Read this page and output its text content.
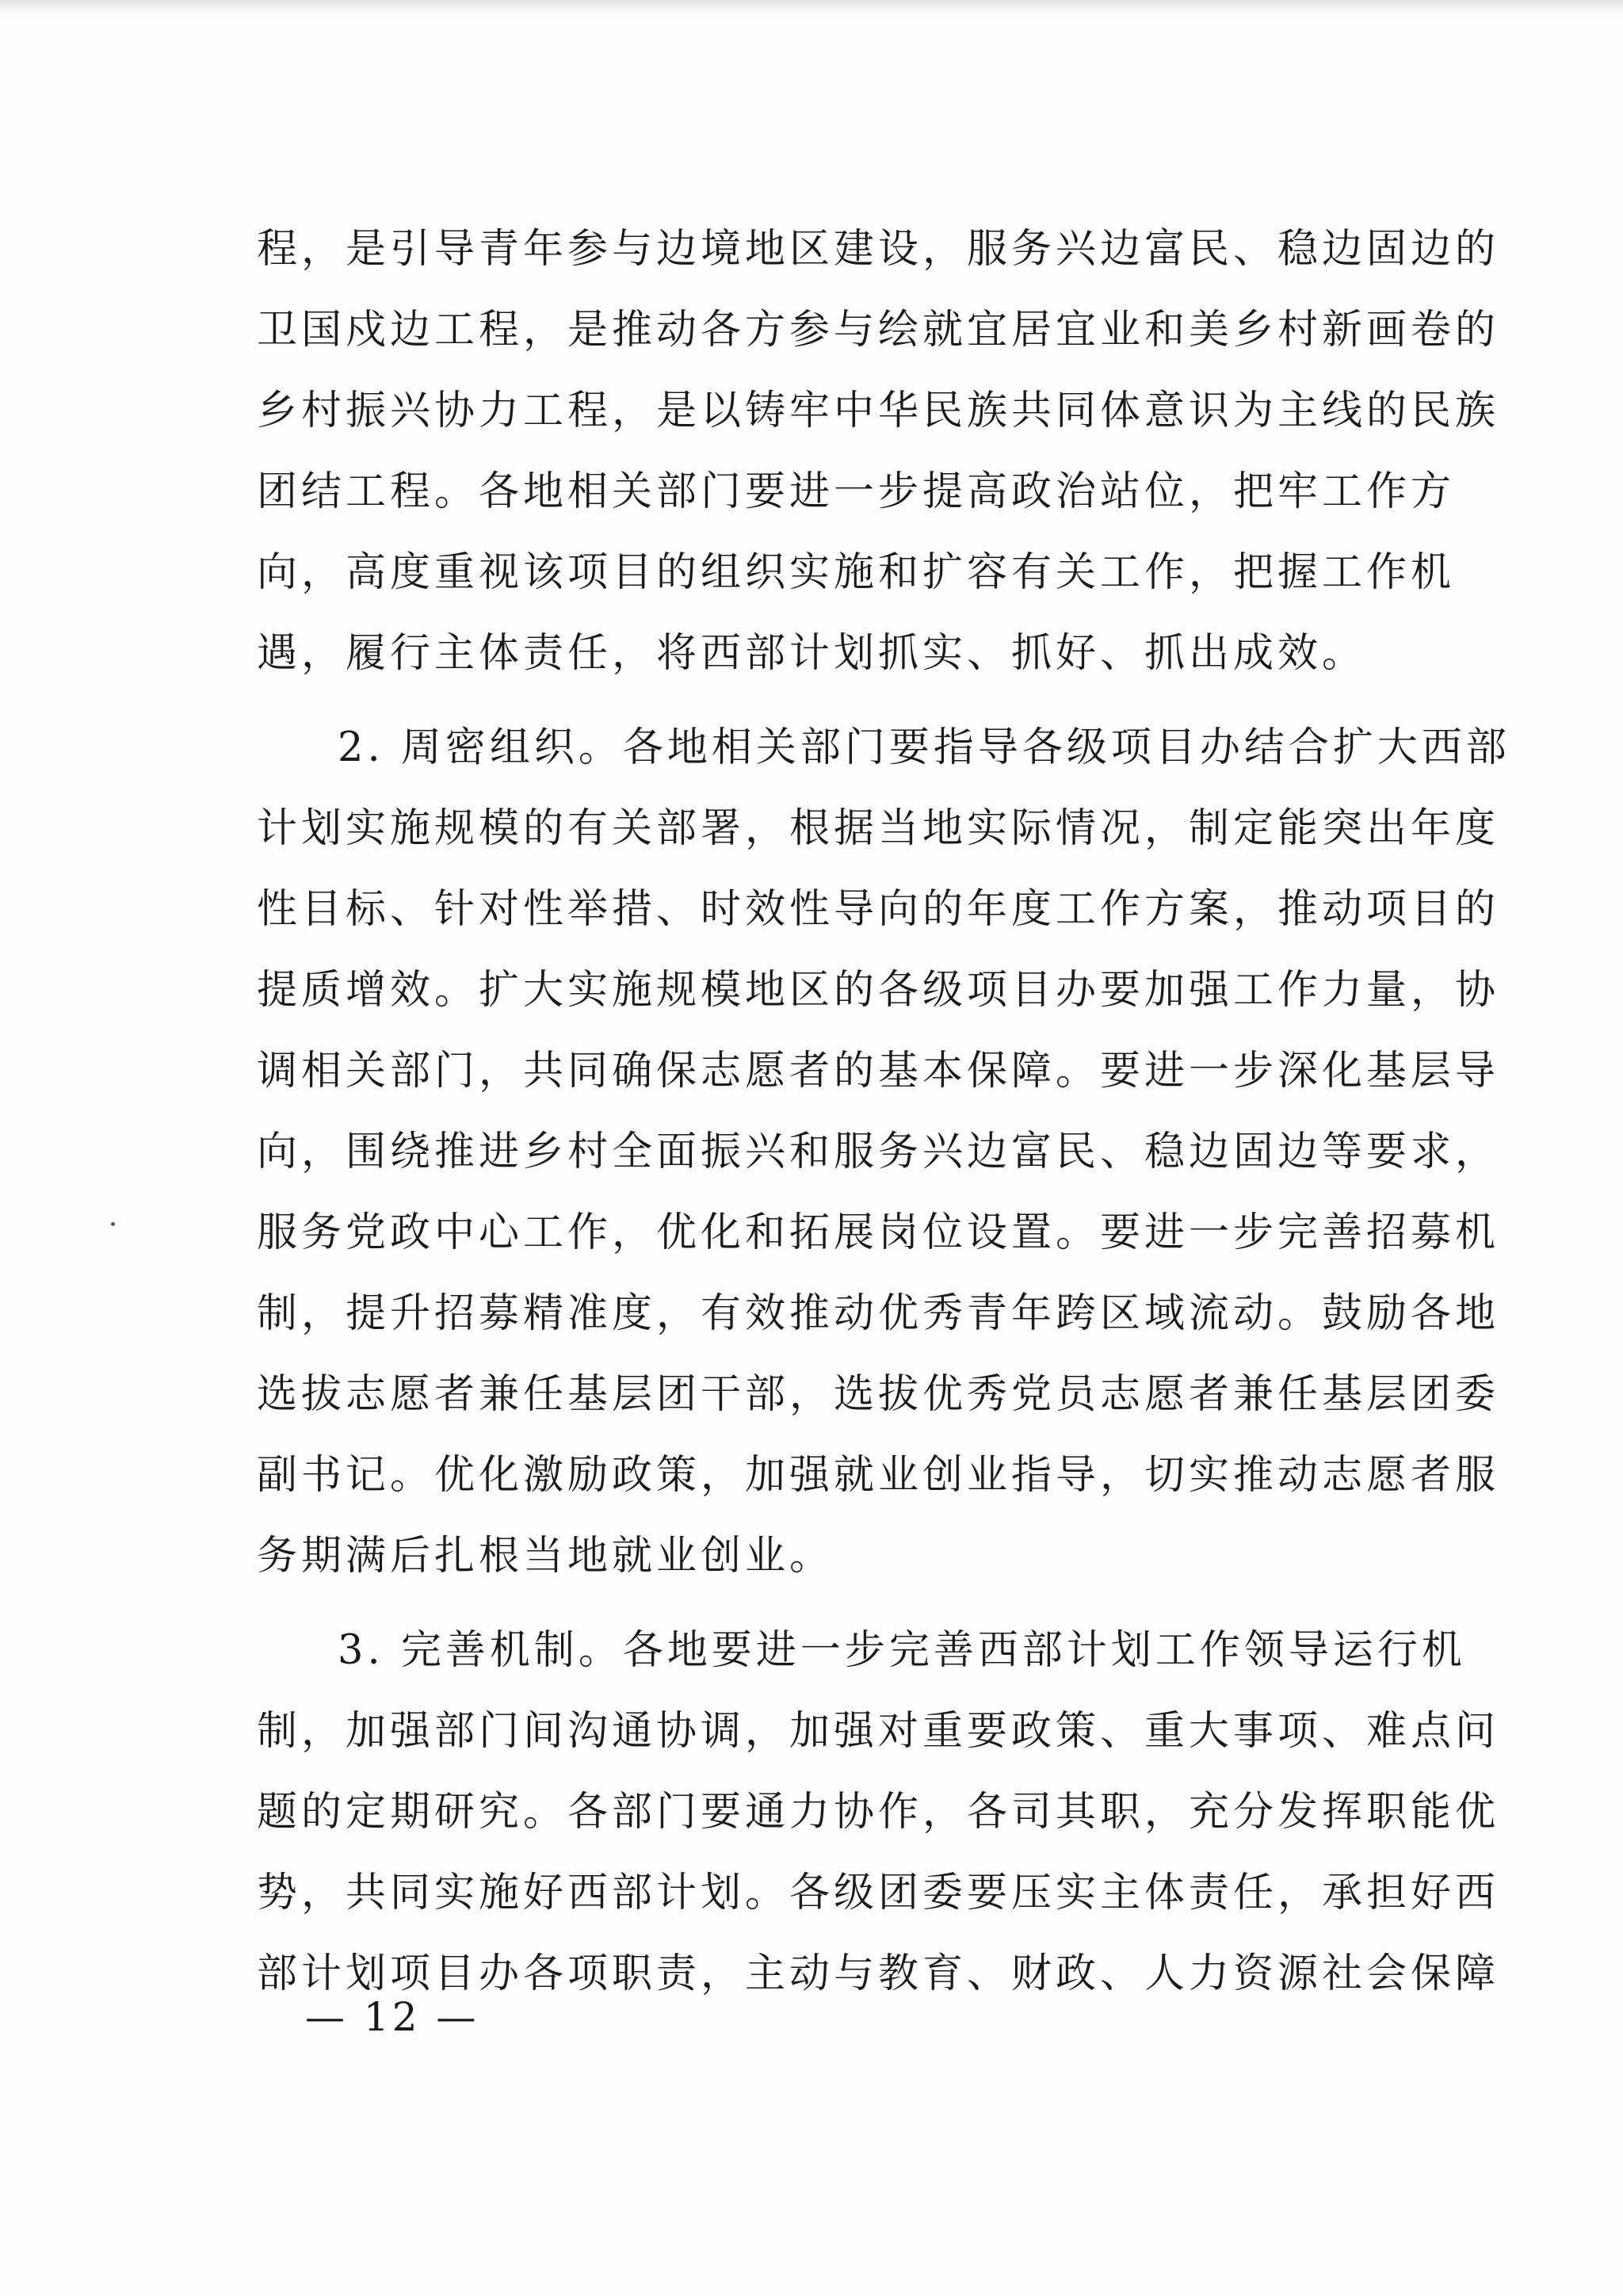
程，是引导青年参与边境地区建设，服务兴边富民、稳边固边的
卫国戍边工程，是推动各方参与绘就宜居宜业和美乡村新画卷的
乡村振兴协力工程，是以铸牢中华民族共同体意识为主线的民族
团结工程。各地相关部门要进一步提高政治站位，把牢工作方
向，高度重视该项目的组织实施和扩容有关工作，把握工作机
遇，履行主体责任，将西部计划抓实、抓好、抓出成效。
2. 周密组织。各地相关部门要指导各级项目办结合扩大西部
计划实施规模的有关部署，根据当地实际情况，制定能突出年度
性目标、针对性举措、时效性导向的年度工作方案，推动项目的
提质增效。扩大实施规模地区的各级项目办要加强工作力量，协
调相关部门，共同确保志愿者的基本保障。要进一步深化基层导
向，围绕推进乡村全面振兴和服务兴边富民、稳边固边等要求，
服务党政中心工作，优化和拓展岗位设置。要进一步完善招募机
制，提升招募精准度，有效推动优秀青年跨区域流动。鼓励各地
选拔志愿者兼任基层团干部，选拔优秀党员志愿者兼任基层团委
副书记。优化激励政策，加强就业创业指导，切实推动志愿者服
务期满后扎根当地就业创业。
3. 完善机制。各地要进一步完善西部计划工作领导运行机
制，加强部门间沟通协调，加强对重要政策、重大事项、难点问
题的定期研究。各部门要通力协作，各司其职，充分发挥职能优
势，共同实施好西部计划。各级团委要压实主体责任，承担好西
部计划项目办各项职责，主动与教育、财政、人力资源社会保障
— 12 —
